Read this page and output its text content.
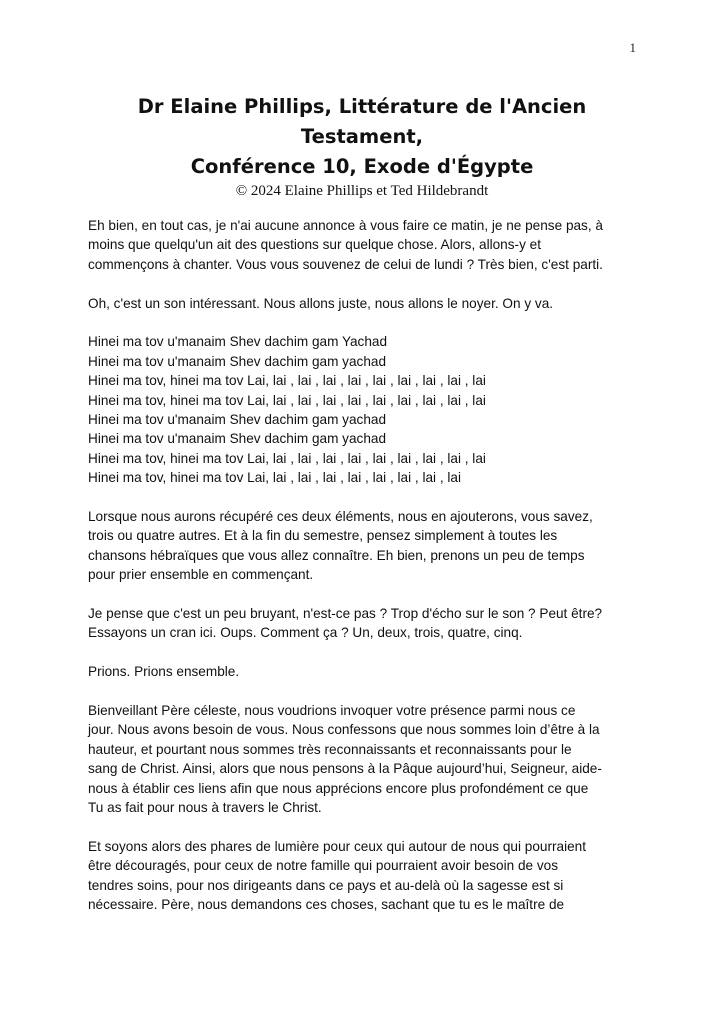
1
Dr Elaine Phillips, Littérature de l'Ancien
Testament,
Conférence 10, Exode d'Égypte
© 2024 Elaine Phillips et Ted Hildebrandt
Eh bien, en tout cas, je n'ai aucune annonce à vous faire ce matin, je ne pense pas, à
moins que quelqu'un ait des questions sur quelque chose. Alors, allons-y et
commençons à chanter. Vous vous souvenez de celui de lundi ? Très bien, c'est parti.
Oh, c'est un son intéressant. Nous allons juste, nous allons le noyer. On y va.
Hinei ma tov u'manaim Shev dachim gam Yachad
Hinei ma tov u'manaim Shev dachim gam yachad
Hinei ma tov, hinei ma tov Lai, lai , lai , lai , lai , lai , lai , lai , lai , lai
Hinei ma tov, hinei ma tov Lai, lai , lai , lai , lai , lai , lai , lai , lai , lai
Hinei ma tov u'manaim Shev dachim gam yachad
Hinei ma tov u'manaim Shev dachim gam yachad
Hinei ma tov, hinei ma tov Lai, lai , lai , lai , lai , lai , lai , lai , lai , lai
Hinei ma tov, hinei ma tov Lai, lai , lai , lai , lai , lai , lai , lai , lai
Lorsque nous aurons récupéré ces deux éléments, nous en ajouterons, vous savez,
trois ou quatre autres. Et à la fin du semestre, pensez simplement à toutes les
chansons hébraïques que vous allez connaître. Eh bien, prenons un peu de temps
pour prier ensemble en commençant.
Je pense que c'est un peu bruyant, n'est-ce pas ? Trop d'écho sur le son ? Peut être?
Essayons un cran ici. Oups. Comment ça ? Un, deux, trois, quatre, cinq.
Prions. Prions ensemble.
Bienveillant Père céleste, nous voudrions invoquer votre présence parmi nous ce
jour. Nous avons besoin de vous. Nous confessons que nous sommes loin d’être à la
hauteur, et pourtant nous sommes très reconnaissants et reconnaissants pour le
sang de Christ. Ainsi, alors que nous pensons à la Pâque aujourd’hui, Seigneur, aide-
nous à établir ces liens afin que nous apprécions encore plus profondément ce que
Tu as fait pour nous à travers le Christ.
Et soyons alors des phares de lumière pour ceux qui autour de nous qui pourraient
être découragés, pour ceux de notre famille qui pourraient avoir besoin de vos
tendres soins, pour nos dirigeants dans ce pays et au-delà où la sagesse est si
nécessaire. Père, nous demandons ces choses, sachant que tu es le maître de
